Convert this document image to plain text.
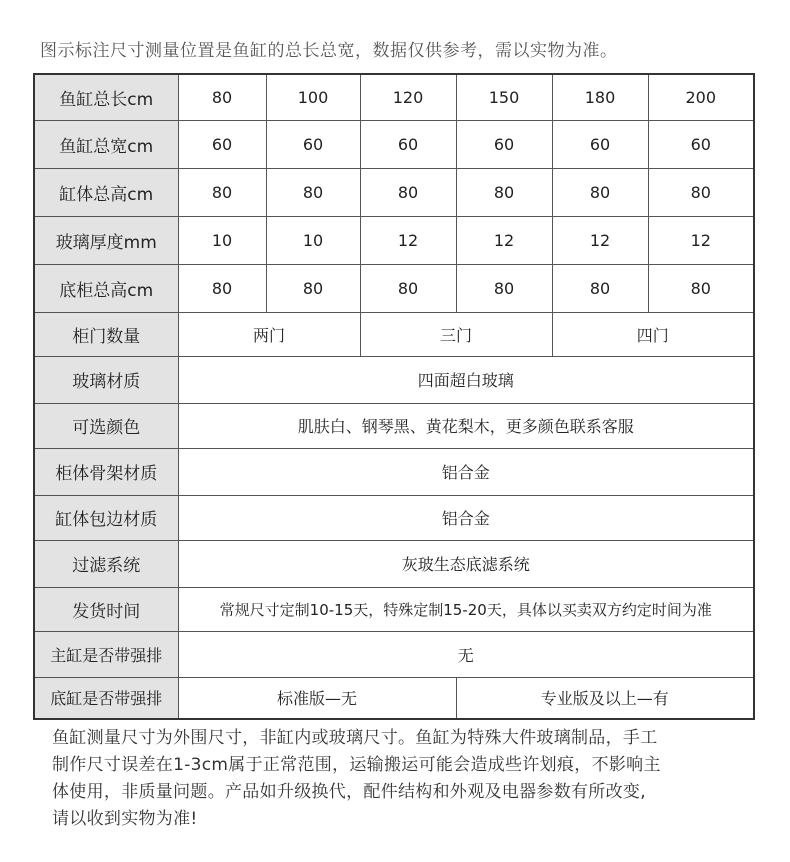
图示标注尺寸测量位置是鱼缸的总长总宽，数据仅供参考，需以实物为准。
鱼缸总长cm	80	100	120	150	180	200
鱼缸总宽cm	60	60	60	60	60	60
缸体总高cm	80	80	80	80	80	80
玻璃厚度mm	10	10	12	12	12	12
底柜总高cm	80	80	80	80	80	80
柜门数量	两门		三门		四门	
玻璃材质	四面超白玻璃					
可选颜色	肌肤白、钢琴黑、黄花梨木，更多颜色联系客服					
柜体骨架材质	铝合金					
缸体包边材质	铝合金					
过滤系统	灰玻生态底滤系统					
发货时间	常规尺寸定制10-15天，特殊定制15-20天，具体以买卖双方约定时间为准					
主缸是否带强排	无					
底缸是否带强排	标准版—无			专业版及以上—有		
鱼缸测量尺寸为外围尺寸，非缸内或玻璃尺寸。鱼缸为特殊大件玻璃制品，手工
制作尺寸误差在1-3cm属于正常范围，运输搬运可能会造成些许划痕，不影响主
体使用，非质量问题。产品如升级换代，配件结构和外观及电器参数有所改变,
请以收到实物为准!
